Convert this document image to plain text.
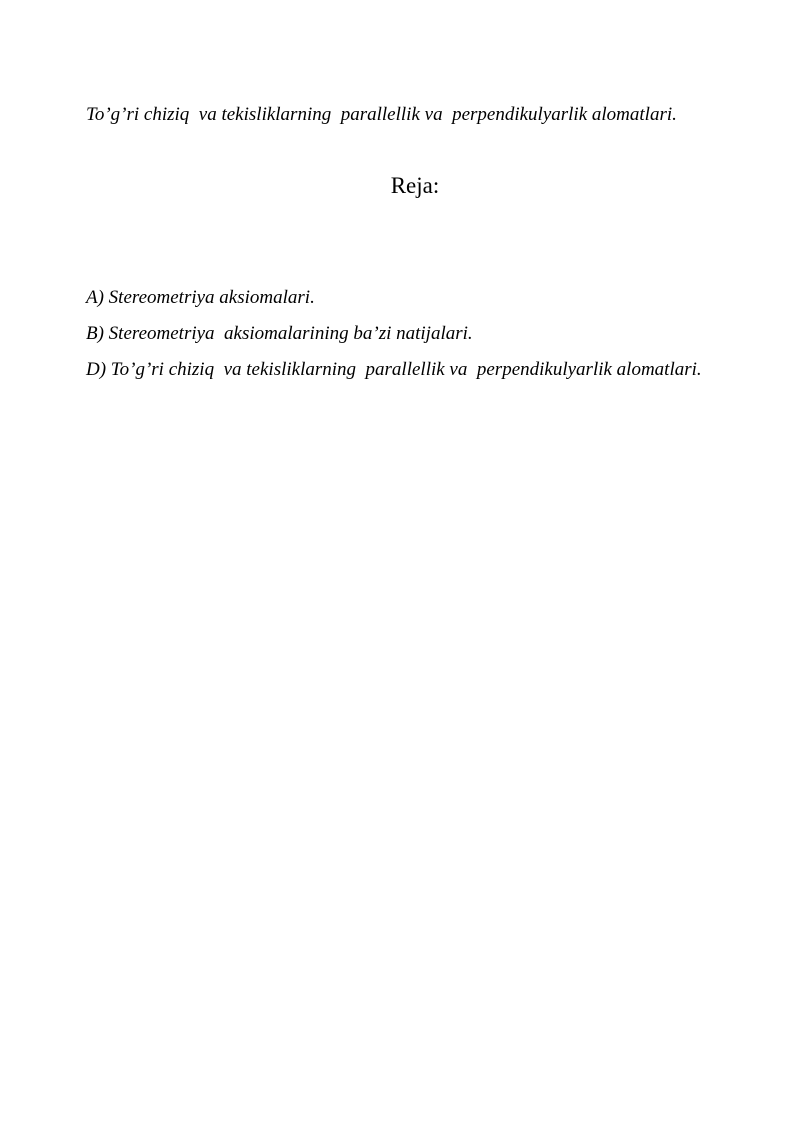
To’g’ri chiziq  va tekisliklarning  parallellik va  perpendikulyarlik alomatlari.

Reja:
A) Stereometriya aksiomalari.
B) Stereometriya  aksiomalarining ba’zi natijalari.
D) To’g’ri chiziq  va tekisliklarning  parallellik va  perpendikulyarlik alomatlari.
